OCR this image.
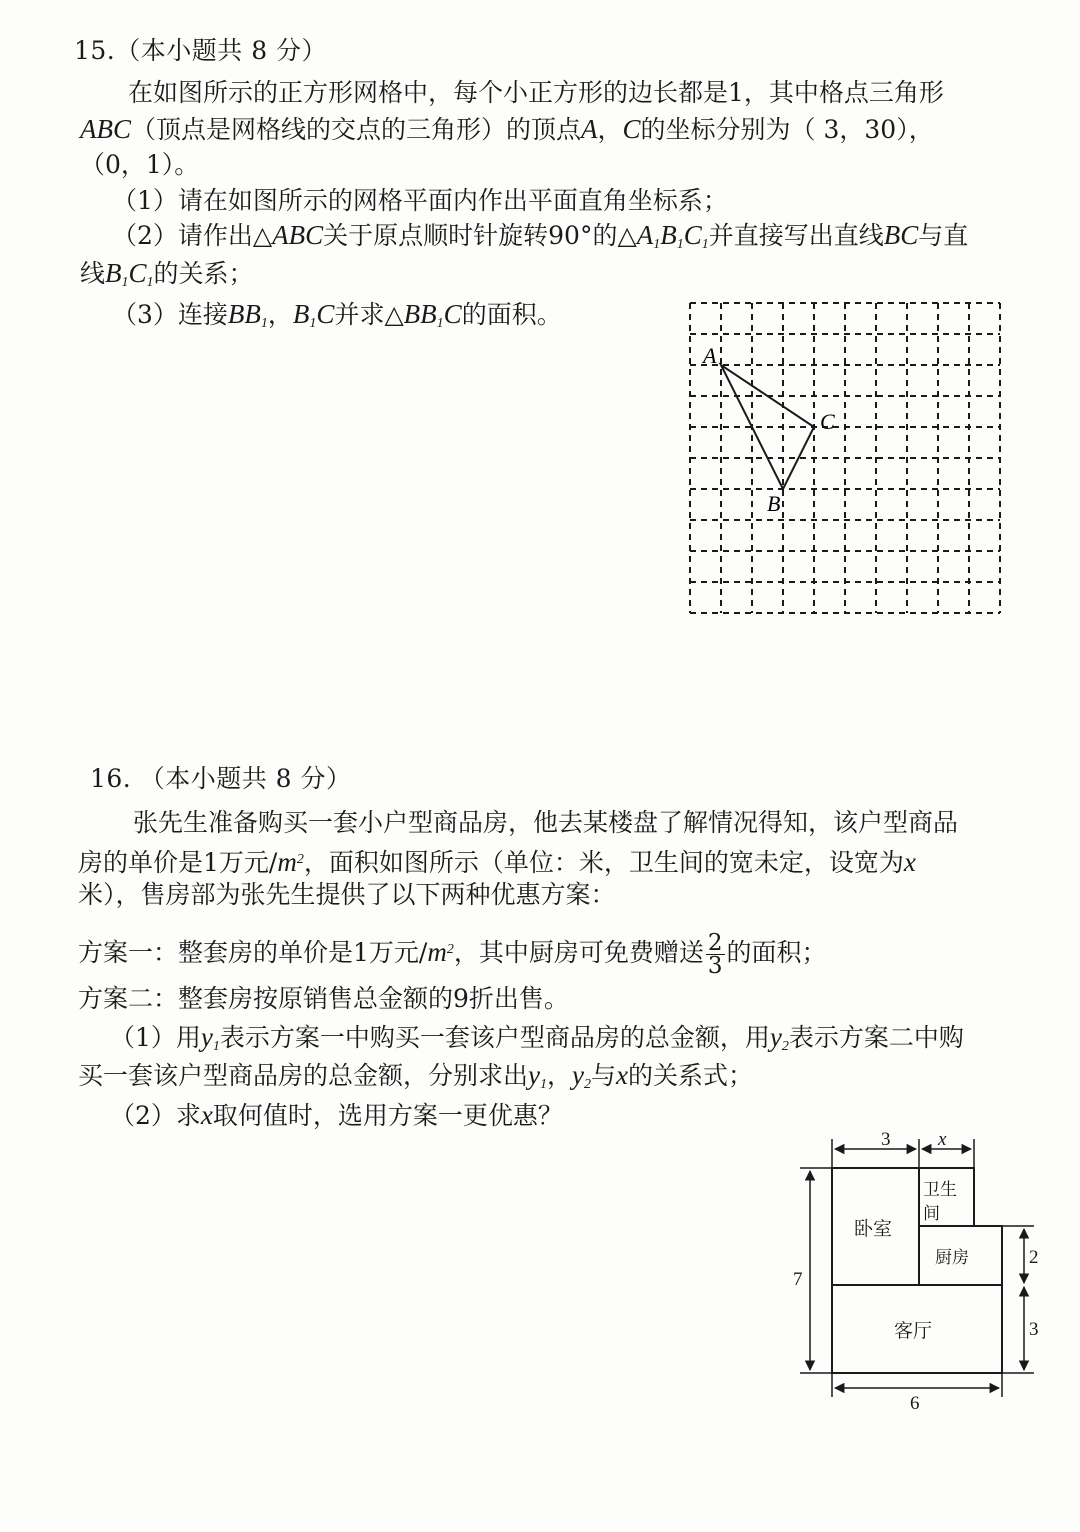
15.（本小题共 8 分）
在如图所示的正方形网格中，每个小正方形的边长都是1，其中格点三角形
ABC（顶点是网格线的交点的三角形）的顶点A，C的坐标分别为（ 3，30），
（0，1）。
（1）请在如图所示的网格平面内作出平面直角坐标系；
（2）请作出△ABC关于原点顺时针旋转90°的$\triangle A_1B_1C_1$并直接写出直线BC与直
线$B_1C_1$的关系；
（3）连接$BB_1$，$B_1C$并求$\triangle BB_1C$的面积。
A
B
C
16. （本小题共 8 分）
张先生准备购买一套小户型商品房，他去某楼盘了解情况得知，该户型商品
房的单价是1万元$/m^2$，面积如图所示（单位：米，卫生间的宽未定，设宽为x
米），售房部为张先生提供了以下两种优惠方案：
方案一：整套房的单价是1万元$/m^2$，其中厨房可免费赠送 $\frac{2}{3}$ 的面积；
方案二：整套房按原销售总金额的9折出售。
（1）用$y_1$表示方案一中购买一套该户型商品房的总金额，用$y_2$表示方案二中购
买一套该户型商品房的总金额，分别求出$y_1$，$y_2$与x的关系式；
（2）求x取何值时，选用方案一更优惠？
卧室
卫生
间
厨房
客厅
3	x
7
2
3
6
